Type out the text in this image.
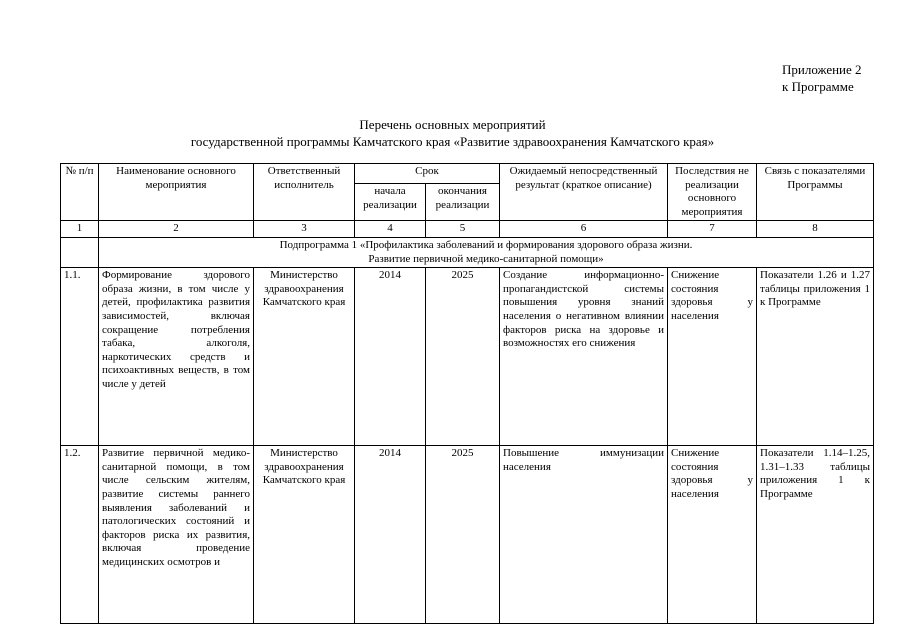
Приложение 2
к Программе
Перечень основных мероприятий
государственной программы Камчатского края «Развитие здравоохранения Камчатского края»
№ п/п	Наименование основного мероприятия	Ответственный исполнитель	Срок		Ожидаемый непосредственный результат (краткое описание)	Последствия не реализации основного мероприятия	Связь с показателями Программы
			начала реализации	окончания реализации			
1	2	3	4	5	6	7	8

	Подпрограмма 1 «Профилактика заболеваний и формирования здорового образа жизни.
Развитие первичной медико-санитарной помощи»						

1.1.	Формирование здорового образа жизни, в том числе у детей, профилактика развития зависимостей, включая сокращение потребления табака, алкоголя, наркотических средств и психоактивных веществ, в том числе у детей	Министерство здравоохранения Камчатского края	2014	2025	Создание информационно-пропагандистской системы повышения уровня знаний населения о негативном влиянии факторов риска на здоровье и возможностях его снижения	Снижение состояния здоровья у населения	Показатели 1.26 и 1.27 таблицы приложения 1 к Программе
1.2.	Развитие первичной медико-санитарной помощи, в том числе сельским жителям, развитие системы раннего выявления заболеваний и патологических состояний и факторов риска их развития, включая проведение медицинских осмотров и	Министерство здравоохранения Камчатского края	2014	2025	Повышение иммунизации населения	Снижение состояния здоровья у населения	Показатели 1.14–1.25, 1.31–1.33 таблицы приложения 1 к Программе
